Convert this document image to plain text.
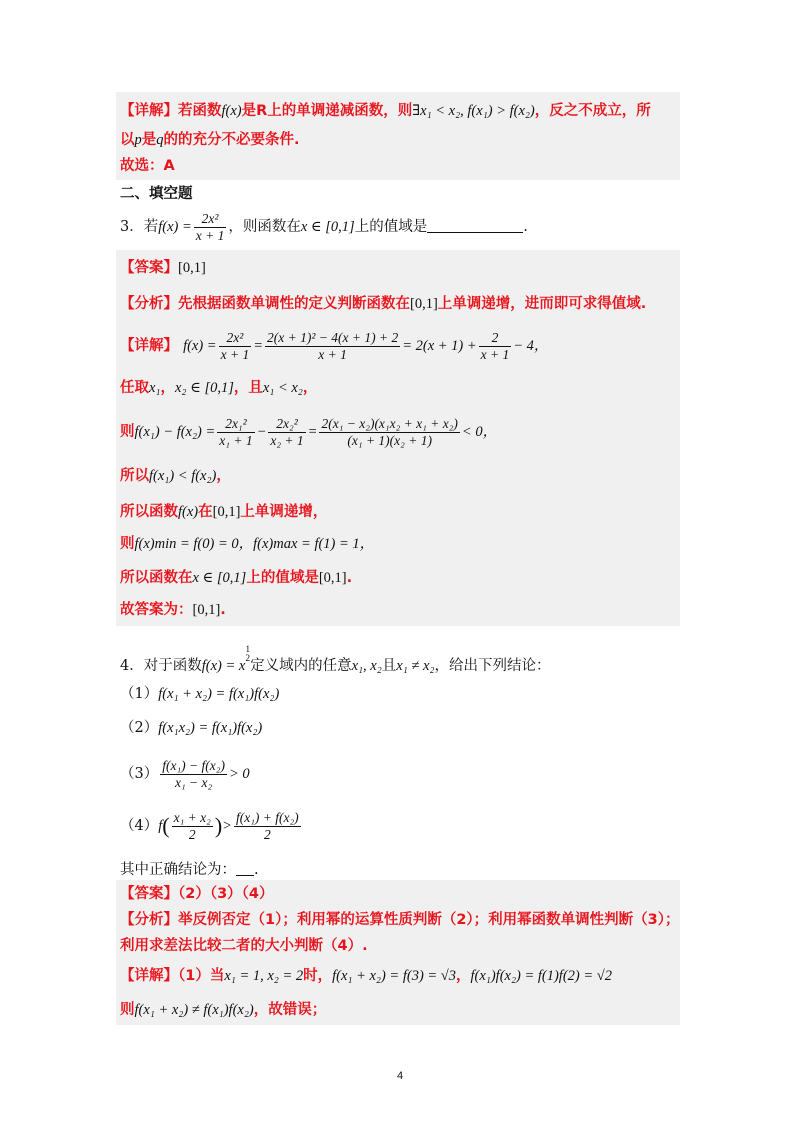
【详解】若函数f(x)是R上的单调递减函数，则∃x₁ < x₂, f(x₁) > f(x₂)，反之不成立，所
以p是q的的充分不必要条件.
故选：A
二、填空题
3．若$f(x) = \frac{\text{2x²}}{x + 1}$ ，则函数在x ∈ [0,1]上的值域是	.
【答案】[0,1]
【分析】先根据函数单调性的定义判断函数在[0,1]上单调递增，进而即可求得值域.
【详解】 $f(x) = \frac{\text{2x²}}{x + 1} = \frac{\text{2(x + 1)² − 4(x + 1) + 2}}{x + 1} = 2(x + 1) + \frac{2}{x + 1} - 4$，
任取x₁，x₂ ∈ [0,1]，且x₁ < x₂，
则$f(x_1) - f(x_2) = \frac{\text{2x₁²}}{\text{x₁ + 1}} - \frac{\text{2x₂²}}{\text{x₂ + 1}} = \frac{\text{2(x₁ − x₂)(x₁x₂ + x₁ + x₂)}}{\text{(x₁ + 1)(x₂ + 1)}} < 0$，
所以f(x₁) < f(x₂)，
所以函数f(x)在[0,1]上单调递增，
则f(x)min = f(0) = 0，f(x)max = f(1) = 1，
所以函数在x ∈ [0,1]上的值域是[0,1].
故答案为：[0,1].
4．对于函数f(x) = x
$^{1 2}$ 定义域内的任意x₁, x₂且x₁ ≠ x₂，给出下列结论：
（1）f(x₁ + x₂) = f(x₁)f(x₂)
（2）f(x₁x₂) = f(x₁)f(x₂)
$(3) \frac{\text{f(x₁) − f(x₂)}}{\text{x₁ − x₂}} > 0$
$(4)f( \frac{\text{x₁ + x₂}}{2}$ )> $\frac{\text{f(x₁) + f(x₂)}}{2}$
其中正确结论为： .
【答案】（2）（3）（4）
【分析】举反例否定（1）；利用幂的运算性质判断（2）；利用幂函数单调性判断（3）；
利用求差法比较二者的大小判断（4）.
【详解】（1）当x₁ = 1, x₂ = 2时，f(x₁ + x₂) = f(3) = √3，f(x₁)f(x₂) = f(1)f(2) = √2
则f(x₁ + x₂) ≠ f(x₁)f(x₂)，故错误；
4
